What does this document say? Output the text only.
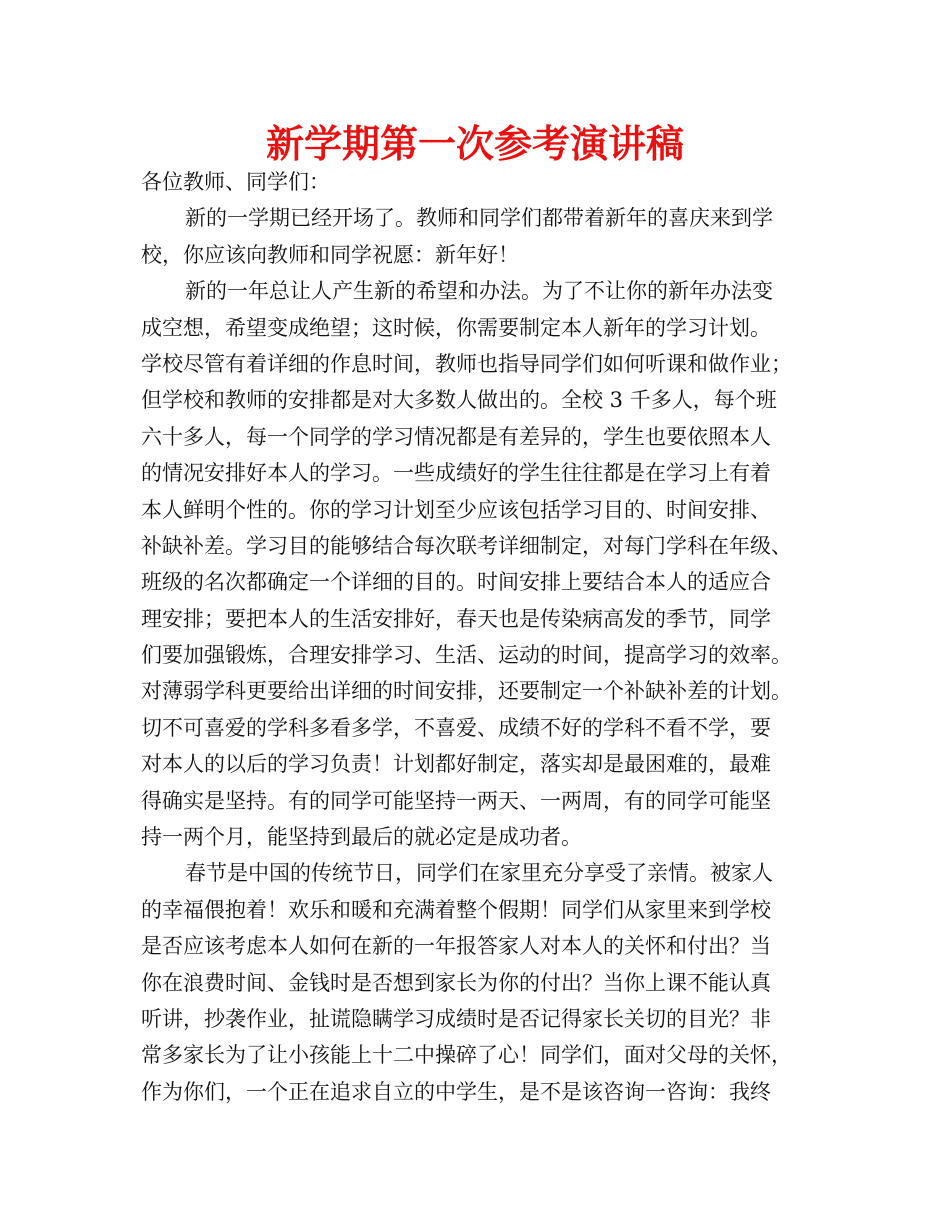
新学期第一次参考演讲稿
各位教师、同学们：
新的一学期已经开场了。教师和同学们都带着新年的喜庆来到学
校，你应该向教师和同学祝愿：新年好！
新的一年总让人产生新的希望和办法。为了不让你的新年办法变
成空想，希望变成绝望；这时候，你需要制定本人新年的学习计划。
学校尽管有着详细的作息时间，教师也指导同学们如何听课和做作业；
但学校和教师的安排都是对大多数人做出的。全校 3 千多人，每个班
六十多人，每一个同学的学习情况都是有差异的，学生也要依照本人
的情况安排好本人的学习。一些成绩好的学生往往都是在学习上有着
本人鲜明个性的。你的学习计划至少应该包括学习目的、时间安排、
补缺补差。学习目的能够结合每次联考详细制定，对每门学科在年级、
班级的名次都确定一个详细的目的。时间安排上要结合本人的适应合
理安排；要把本人的生活安排好，春天也是传染病高发的季节，同学
们要加强锻炼，合理安排学习、生活、运动的时间，提高学习的效率。
对薄弱学科更要给出详细的时间安排，还要制定一个补缺补差的计划。
切不可喜爱的学科多看多学，不喜爱、成绩不好的学科不看不学，要
对本人的以后的学习负责！计划都好制定，落实却是最困难的，最难
得确实是坚持。有的同学可能坚持一两天、一两周，有的同学可能坚
持一两个月，能坚持到最后的就必定是成功者。
春节是中国的传统节日，同学们在家里充分享受了亲情。被家人
的幸福偎抱着！欢乐和暖和充满着整个假期！同学们从家里来到学校
是否应该考虑本人如何在新的一年报答家人对本人的关怀和付出？当
你在浪费时间、金钱时是否想到家长为你的付出？当你上课不能认真
听讲，抄袭作业，扯谎隐瞒学习成绩时是否记得家长关切的目光？非
常多家长为了让小孩能上十二中操碎了心！同学们，面对父母的关怀，
作为你们，一个正在追求自立的中学生，是不是该咨询一咨询：我终
